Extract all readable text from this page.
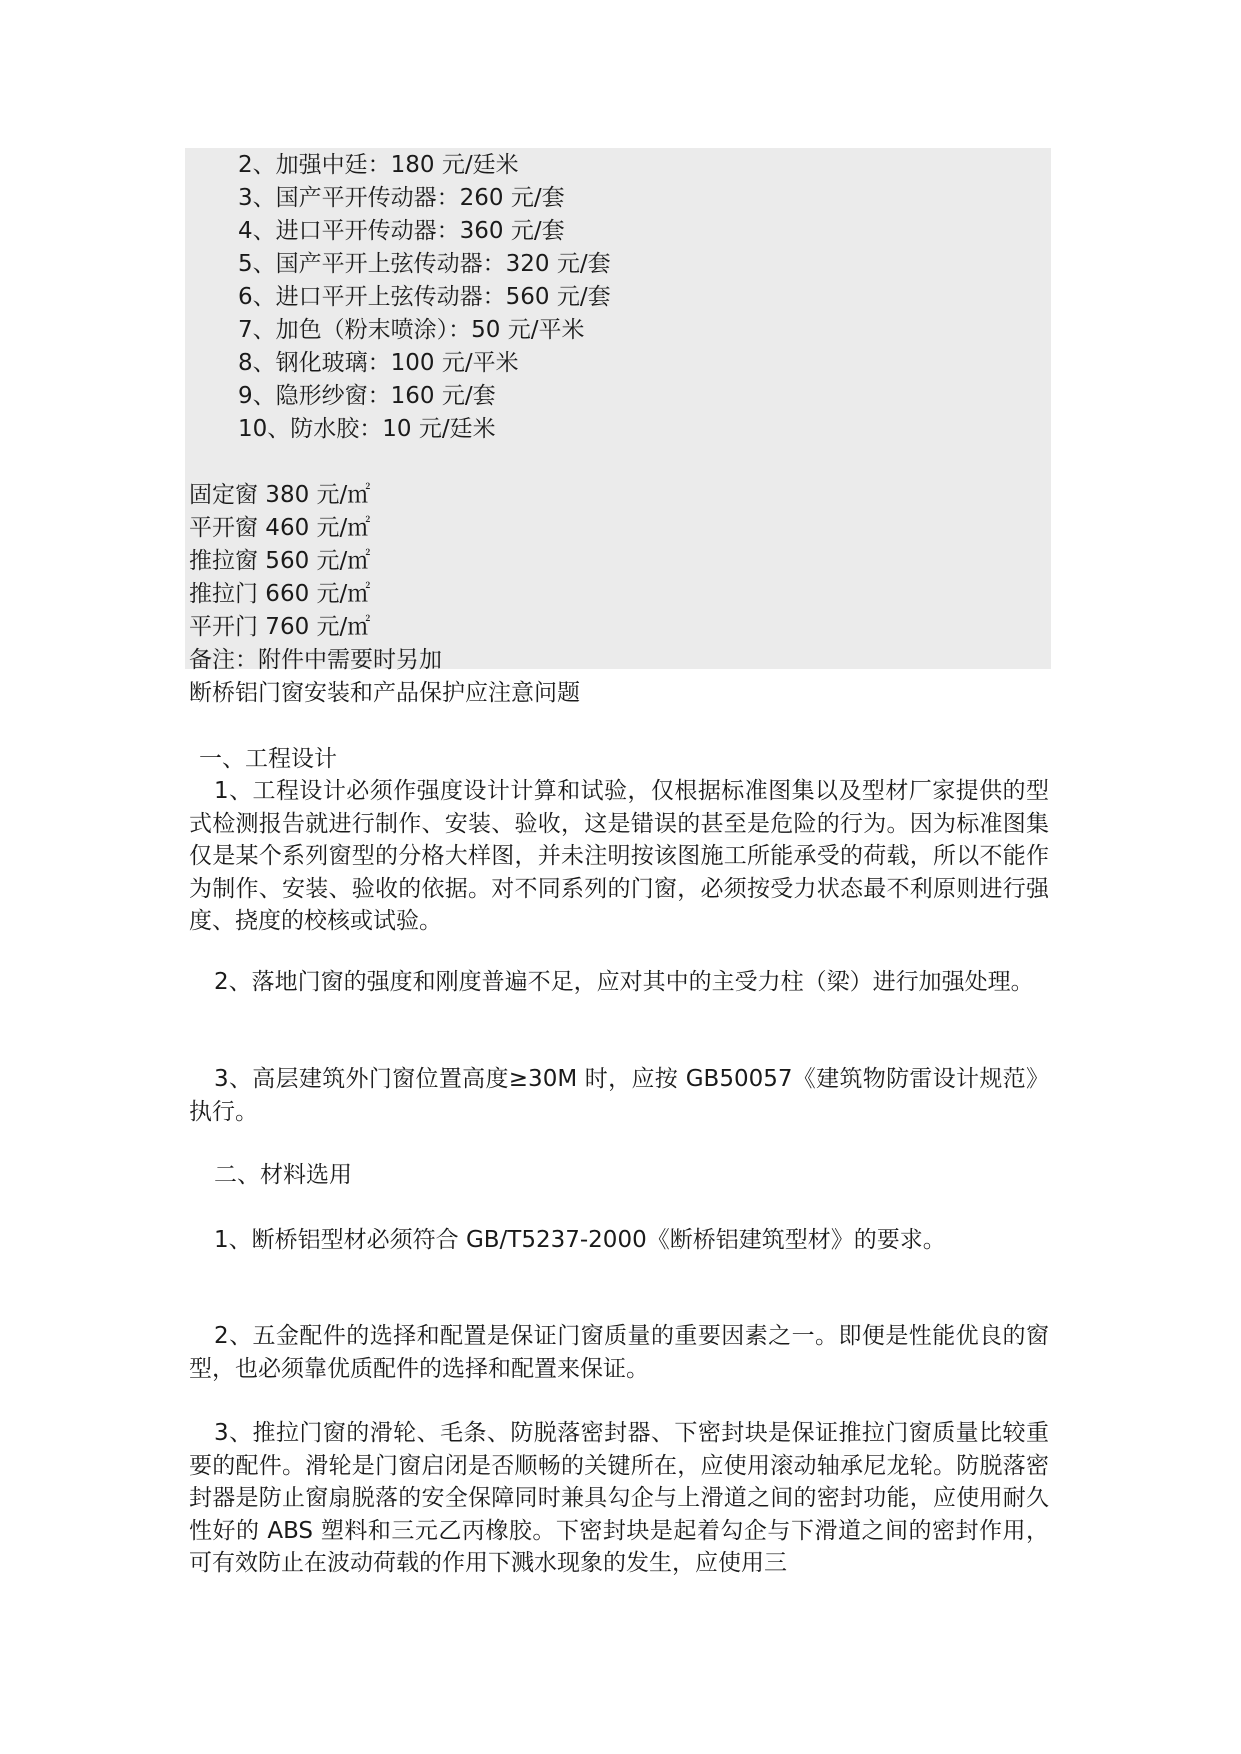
2、加强中廷：180 元/廷米
3、国产平开传动器：260 元/套
4、进口平开传动器：360 元/套
5、国产平开上弦传动器：320 元/套
6、进口平开上弦传动器：560 元/套
7、加色（粉末喷涂）：50 元/平米
8、钢化玻璃：100 元/平米
9、隐形纱窗：160 元/套
10、防水胶：10 元/廷米
固定窗 380 元/㎡
平开窗 460 元/㎡
推拉窗 560 元/㎡
推拉门 660 元/㎡
平开门 760 元/㎡
备注：附件中需要时另加
断桥铝门窗安装和产品保护应注意问题
一、工程设计
1、工程设计必须作强度设计计算和试验，仅根据标准图集以及型材厂家提供的型式检测报告就进行制作、安装、验收，这是错误的甚至是危险的行为。因为标准图集仅是某个系列窗型的分格大样图，并未注明按该图施工所能承受的荷载，所以不能作为制作、安装、验收的依据。对不同系列的门窗，必须按受力状态最不利原则进行强度、挠度的校核或试验。
2、落地门窗的强度和刚度普遍不足，应对其中的主受力柱（梁）进行加强处理。
3、高层建筑外门窗位置高度≥30M 时，应按 GB50057《建筑物防雷设计规范》执行。
二、材料选用
1、断桥铝型材必须符合 GB/T5237-2000《断桥铝建筑型材》的要求。
2、五金配件的选择和配置是保证门窗质量的重要因素之一。即便是性能优良的窗型，也必须靠优质配件的选择和配置来保证。
3、推拉门窗的滑轮、毛条、防脱落密封器、下密封块是保证推拉门窗质量比较重要的配件。滑轮是门窗启闭是否顺畅的关键所在，应使用滚动轴承尼龙轮。防脱落密封器是防止窗扇脱落的安全保障同时兼具勾企与上滑道之间的密封功能，应使用耐久性好的 ABS 塑料和三元乙丙橡胶。下密封块是起着勾企与下滑道之间的密封作用，可有效防止在波动荷载的作用下溅水现象的发生，应使用三
